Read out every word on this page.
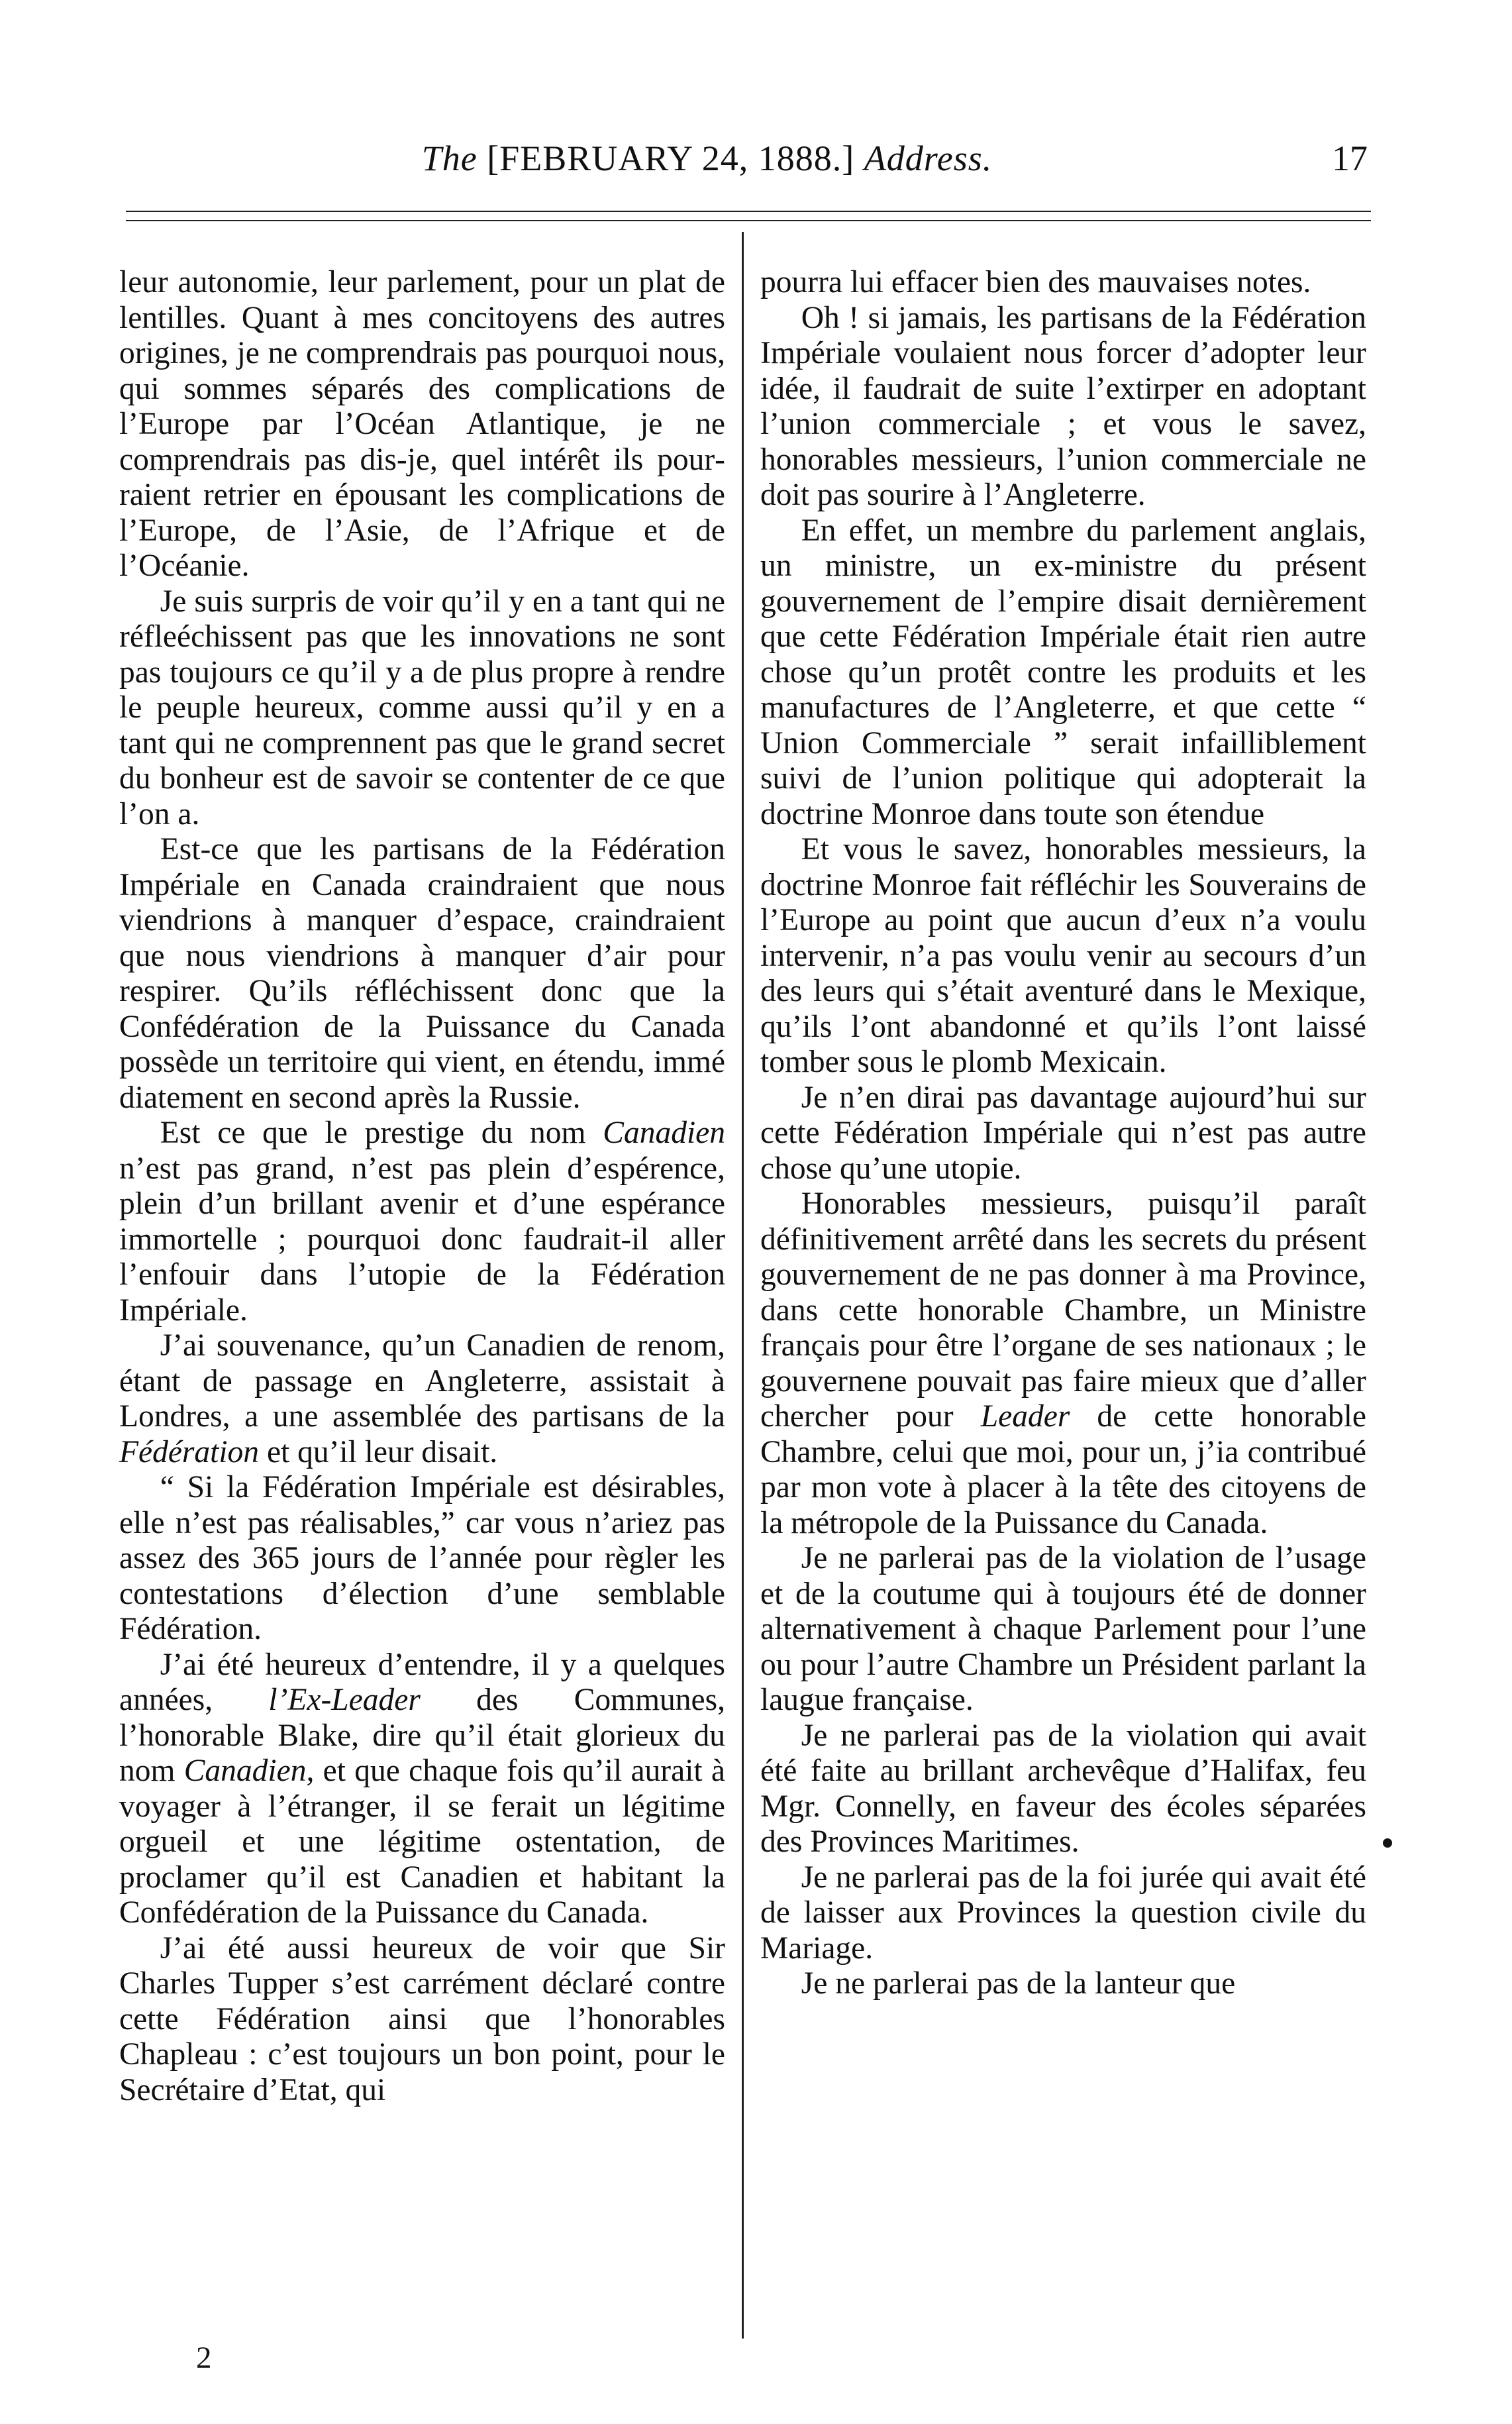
The [FEBRUARY 24, 1888.] Address.	17

leur autonomie, leur parlement, pour un plat de lentilles. Quant à mes concitoyens des autres origines, je ne comprendrais pas pourquoi nous, qui sommes séparés des complications de l’Europe par l’Océan Atlantique, je ne comprendrais pas dis-je, quel intérêt ils pourraient retrier en épousant les complications de l’Europe, de l’Asie, de l’Afrique et de l’Océanie.

Je suis surpris de voir qu’il y en a tant qui ne réfleéchissent pas que les innovations ne sont pas toujours ce qu’il y a de plus propre à rendre le peuple heureux, comme aussi qu’il y en a tant qui ne comprennent pas que le grand secret du bonheur est de savoir se contenter de ce que l’on a.

Est-ce que les partisans de la Fédération Impériale en Canada craindraient que nous viendrions à manquer d’espace, craindraient que nous viendrions à manquer d’air pour respirer. Qu’ils réfléchissent donc que la Confédération de la Puissance du Canada possède un territoire qui vient, en étendu, immé diatement en second après la Russie.

Est ce que le prestige du nom Canadien n’est pas grand, n’est pas plein d’espérence, plein d’un brillant avenir et d’une espérance immortelle ; pourquoi donc faudrait-il aller l’enfouir dans l’utopie de la Fédération Impériale.

J’ai souvenance, qu’un Canadien de renom, étant de passage en Angleterre, assistait à Londres, a une assemblée des partisans de la Fédération et qu’il leur disait.

“ Si la Fédération Impériale est désirables, elle n’est pas réalisables,” car vous n’ariez pas assez des 365 jours de l’année pour règler les contestations d’élection d’une semblable Fédération.

J’ai été heureux d’entendre, il y a quelques années, l’Ex-Leader des Communes, l’honorable Blake, dire qu’il était glorieux du nom Canadien, et que chaque fois qu’il aurait à voyager à l’étranger, il se ferait un légitime orgueil et une légitime ostentation, de proclamer qu’il est Canadien et habitant la Confédération de la Puissance du Canada.

J’ai été aussi heureux de voir que Sir Charles Tupper s’est carrément déclaré contre cette Fédération ainsi que l’honorables Chapleau : c’est toujours un bon point, pour le Secrétaire d’Etat, qui

pourra lui effacer bien des mauvaises notes.

Oh ! si jamais, les partisans de la Fédération Impériale voulaient nous forcer d’adopter leur idée, il faudrait de suite l’extirper en adoptant l’union commerciale ; et vous le savez, honorables messieurs, l’union commerciale ne doit pas sourire à l’Angleterre.

En effet, un membre du parlement anglais, un ministre, un ex-ministre du présent gouvernement de l’empire disait dernièrement que cette Fédération Impériale était rien autre chose qu’un protêt contre les produits et les manufactures de l’Angleterre, et que cette “ Union Commerciale ” serait infailliblement suivi de l’union politique qui adopterait la doctrine Monroe dans toute son étendue

Et vous le savez, honorables messieurs, la doctrine Monroe fait réfléchir les Souverains de l’Europe au point que aucun d’eux n’a voulu intervenir, n’a pas voulu venir au secours d’un des leurs qui s’était aventuré dans le Mexique, qu’ils l’ont abandonné et qu’ils l’ont laissé tomber sous le plomb Mexicain.

Je n’en dirai pas davantage aujourd’hui sur cette Fédération Impériale qui n’est pas autre chose qu’une utopie.

Honorables messieurs, puisqu’il paraît définitivement arrêté dans les secrets du présent gouvernement de ne pas donner à ma Province, dans cette honorable Chambre, un Ministre français pour être l’organe de ses nationaux ; le gouvernene pouvait pas faire mieux que d’aller chercher pour Leader de cette honorable Chambre, celui que moi, pour un, j’ia contribué par mon vote à placer à la tête des citoyens de la métropole de la Puissance du Canada.

Je ne parlerai pas de la violation de l’usage et de la coutume qui à toujours été de donner alternativement à chaque Parlement pour l’une ou pour l’autre Chambre un Président parlant la laugue française.

Je ne parlerai pas de la violation qui avait été faite au brillant archevêque d’Halifax, feu Mgr. Connelly, en faveur des écoles séparées des Provinces Maritimes.

Je ne parlerai pas de la foi jurée qui avait été de laisser aux Provinces la question civile du Mariage.

Je ne parlerai pas de la lanteur que

2
